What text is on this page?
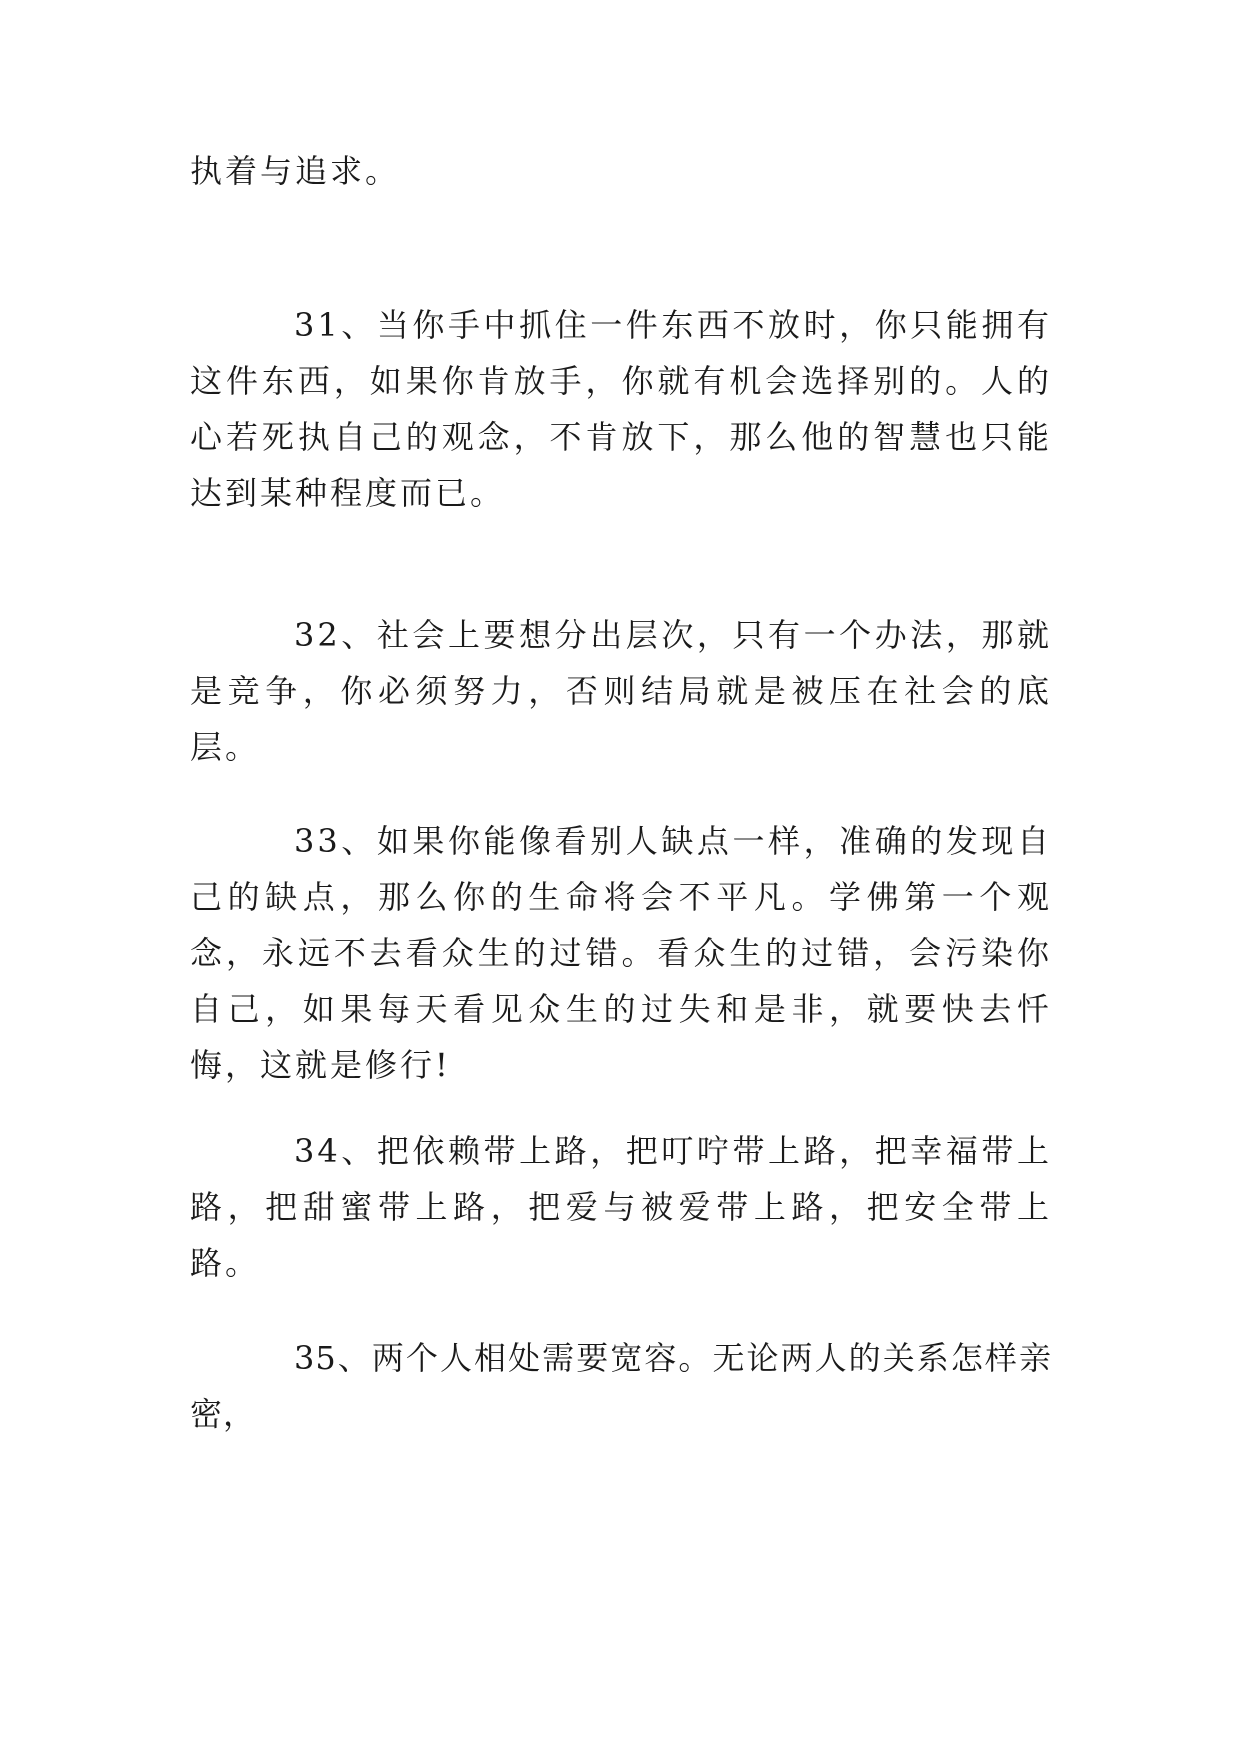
执着与追求。

31、当你手中抓住一件东西不放时，你只能拥有这件东西，如果你肯放手，你就有机会选择别的。人的心若死执自己的观念，不肯放下，那么他的智慧也只能达到某种程度而已。

32、社会上要想分出层次，只有一个办法，那就是竞争，你必须努力，否则结局就是被压在社会的底层。

33、如果你能像看别人缺点一样，准确的发现自己的缺点，那么你的生命将会不平凡。学佛第一个观念，永远不去看众生的过错。看众生的过错，会污染你自己，如果每天看见众生的过失和是非，就要快去忏悔，这就是修行!

34、把依赖带上路，把叮咛带上路，把幸福带上路，把甜蜜带上路，把爱与被爱带上路，把安全带上路。

35、两个人相处需要宽容。无论两人的关系怎样亲密，
